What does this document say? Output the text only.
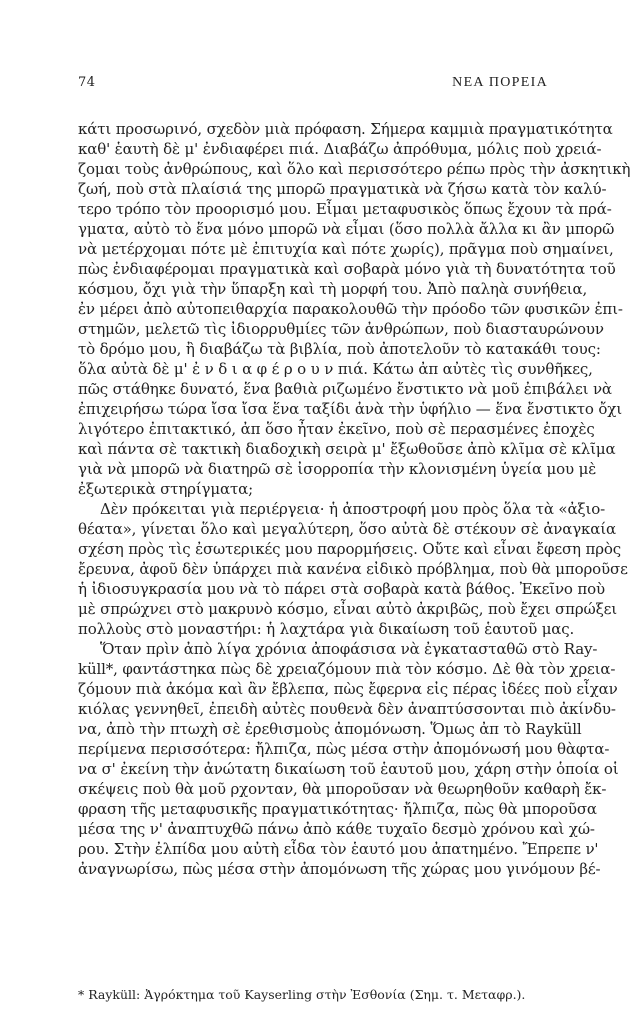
74	ΝΕΑ ΠΟΡΕΙΑ
κάτι προσωρινό, σχεδὸν μιὰ πρόφαση. Σήμερα καμμιὰ πραγματικότητα
καθ' ἑαυτὴ δὲ μ' ἐνδιαφέρει πιά. Διαβάζω ἀπρόθυμα, μόλις ποὺ χρειά-
ζομαι τοὺς ἀνθρώπους, καὶ ὅλο καὶ περισσότερο ρέπω πρὸς τὴν ἀσκητικὴ
ζωή, ποὺ στὰ πλαίσιά της μπορῶ πραγματικὰ νὰ ζήσω κατὰ τὸν καλύ-
τερο τρόπο τὸν προορισμό μου. Εἶμαι μεταφυσικὸς ὅπως ἔχουν τὰ πρά-
γματα, αὐτὸ τὸ ἕνα μόνο μπορῶ νὰ εἶμαι (ὅσο πολλὰ ἄλλα κι ἂν μπορῶ
νὰ μετέρχομαι πότε μὲ ἐπιτυχία καὶ πότε χωρίς), πρᾶγμα ποὺ σημαίνει,
πὼς ἐνδιαφέρομαι πραγματικὰ καὶ σοβαρὰ μόνο γιὰ τὴ δυνατότητα τοῦ
κόσμου, ὄχι γιὰ τὴν ὕπαρξη καὶ τὴ μορφή του. Ἀπὸ παληὰ συνήθεια,
ἐν μέρει ἀπὸ αὐτοπειθαρχία παρακολουθῶ τὴν πρόοδο τῶν φυσικῶν ἐπι-
στημῶν, μελετῶ τὶς ἰδιορρυθμίες τῶν ἀνθρώπων, ποὺ διασταυρώνουν
τὸ δρόμο μου, ἢ διαβάζω τὰ βιβλία, ποὺ ἀποτελοῦν τὸ κατακάθι τους:
ὅλα αὐτὰ δὲ μ' ἐ ν δ ι α φ έ ρ ο υ ν πιά. Κάτω ἀπ αὐτὲς τὶς συνθῆκες,
πῶς στάθηκε δυνατό, ἕνα βαθιὰ ριζωμένο ἔνστικτο νὰ μοῦ ἐπιβάλει νὰ
ἐπιχειρήσω τώρα ἴσα ἴσα ἕνα ταξίδι ἀνὰ τὴν ὑφήλιο — ἕνα ἔνστικτο ὄχι
λιγότερο ἐπιτακτικό, ἀπ ὅσο ἦταν ἐκεῖνο, ποὺ σὲ περασμένες ἐποχὲς
καὶ πάντα σὲ τακτικὴ διαδοχικὴ σειρὰ μ' ἔξωθοῦσε ἀπὸ κλῖμα σὲ κλῖμα
γιὰ νὰ μπορῶ νὰ διατηρῶ σὲ ἰσορροπία τὴν κλονισμένη ὑγεία μου μὲ
ἐξωτερικὰ στηρίγματα;
Δὲν πρόκειται γιὰ περιέργεια· ἡ ἀποστροφή μου πρὸς ὅλα τὰ «ἀξιο-
θέατα», γίνεται ὅλο καὶ μεγαλύτερη, ὅσο αὐτὰ δὲ στέκουν σὲ ἀναγκαία
σχέση πρὸς τὶς ἐσωτερικές μου παρορμήσεις. Οὔτε καὶ εἶναι ἔφεση πρὸς
ἔρευνα, ἀφοῦ δὲν ὑπάρχει πιὰ κανένα εἰδικὸ πρόβλημα, ποὺ θὰ μποροῦσε
ἡ ἰδιοσυγκρασία μου νὰ τὸ πάρει στὰ σοβαρὰ κατὰ βάθος. Ἐκεῖνο ποὺ
μὲ σπρώχνει στὸ μακρυνὸ κόσμο, εἶναι αὐτὸ ἀκριβῶς, ποὺ ἔχει σπρώξει
πολλοὺς στὸ μοναστήρι: ἡ λαχτάρα γιὰ δικαίωση τοῦ ἑαυτοῦ μας.
Ὅταν πρὶν ἀπὸ λίγα χρόνια ἀποφάσισα νὰ ἐγκατασταθῶ στὸ Ray-
küll*, φαντάστηκα πὼς δὲ χρειαζόμουν πιὰ τὸν κόσμο. Δὲ θὰ τὸν χρεια-
ζόμουν πιὰ ἀκόμα καὶ ἂν ἔβλεπα, πὼς ἔφερνα εἰς πέρας ἰδέες ποὺ εἶχαν
κιόλας γεννηθεῖ, ἐπειδὴ αὐτὲς πουθενὰ δὲν ἀναπτύσσονται πιὸ ἀκίνδυ-
να, ἀπὸ τὴν πτωχὴ σὲ ἐρεθισμοὺς ἀπομόνωση. Ὅμως ἀπ τὸ Rayküll
περίμενα περισσότερα: ἤλπιζα, πὼς μέσα στὴν ἀπομόνωσή μου θὰφτα-
να σ' ἐκείνη τὴν ἀνώτατη δικαίωση τοῦ ἑαυτοῦ μου, χάρη στὴν ὁποία οἱ
σκέψεις ποὺ θὰ μοῦ ρχονταν, θὰ μποροῦσαν νὰ θεωρηθοῦν καθαρὴ ἔκ-
φραση τῆς μεταφυσικῆς πραγματικότητας· ἤλπιζα, πὼς θὰ μποροῦσα
μέσα της ν' ἀναπτυχθῶ πάνω ἀπὸ κάθε τυχαῖο δεσμὸ χρόνου καὶ χώ-
ρου. Στὴν ἐλπίδα μου αὐτὴ εἶδα τὸν ἑαυτό μου ἀπατημένο. Ἔπρεπε ν'
ἀναγνωρίσω, πὼς μέσα στὴν ἀπομόνωση τῆς χώρας μου γινόμουν βέ-
* Rayküll: Ἀγρόκτημα τοῦ Kayserling στὴν Ἐσθονία (Σημ. τ. Μεταφρ.).
